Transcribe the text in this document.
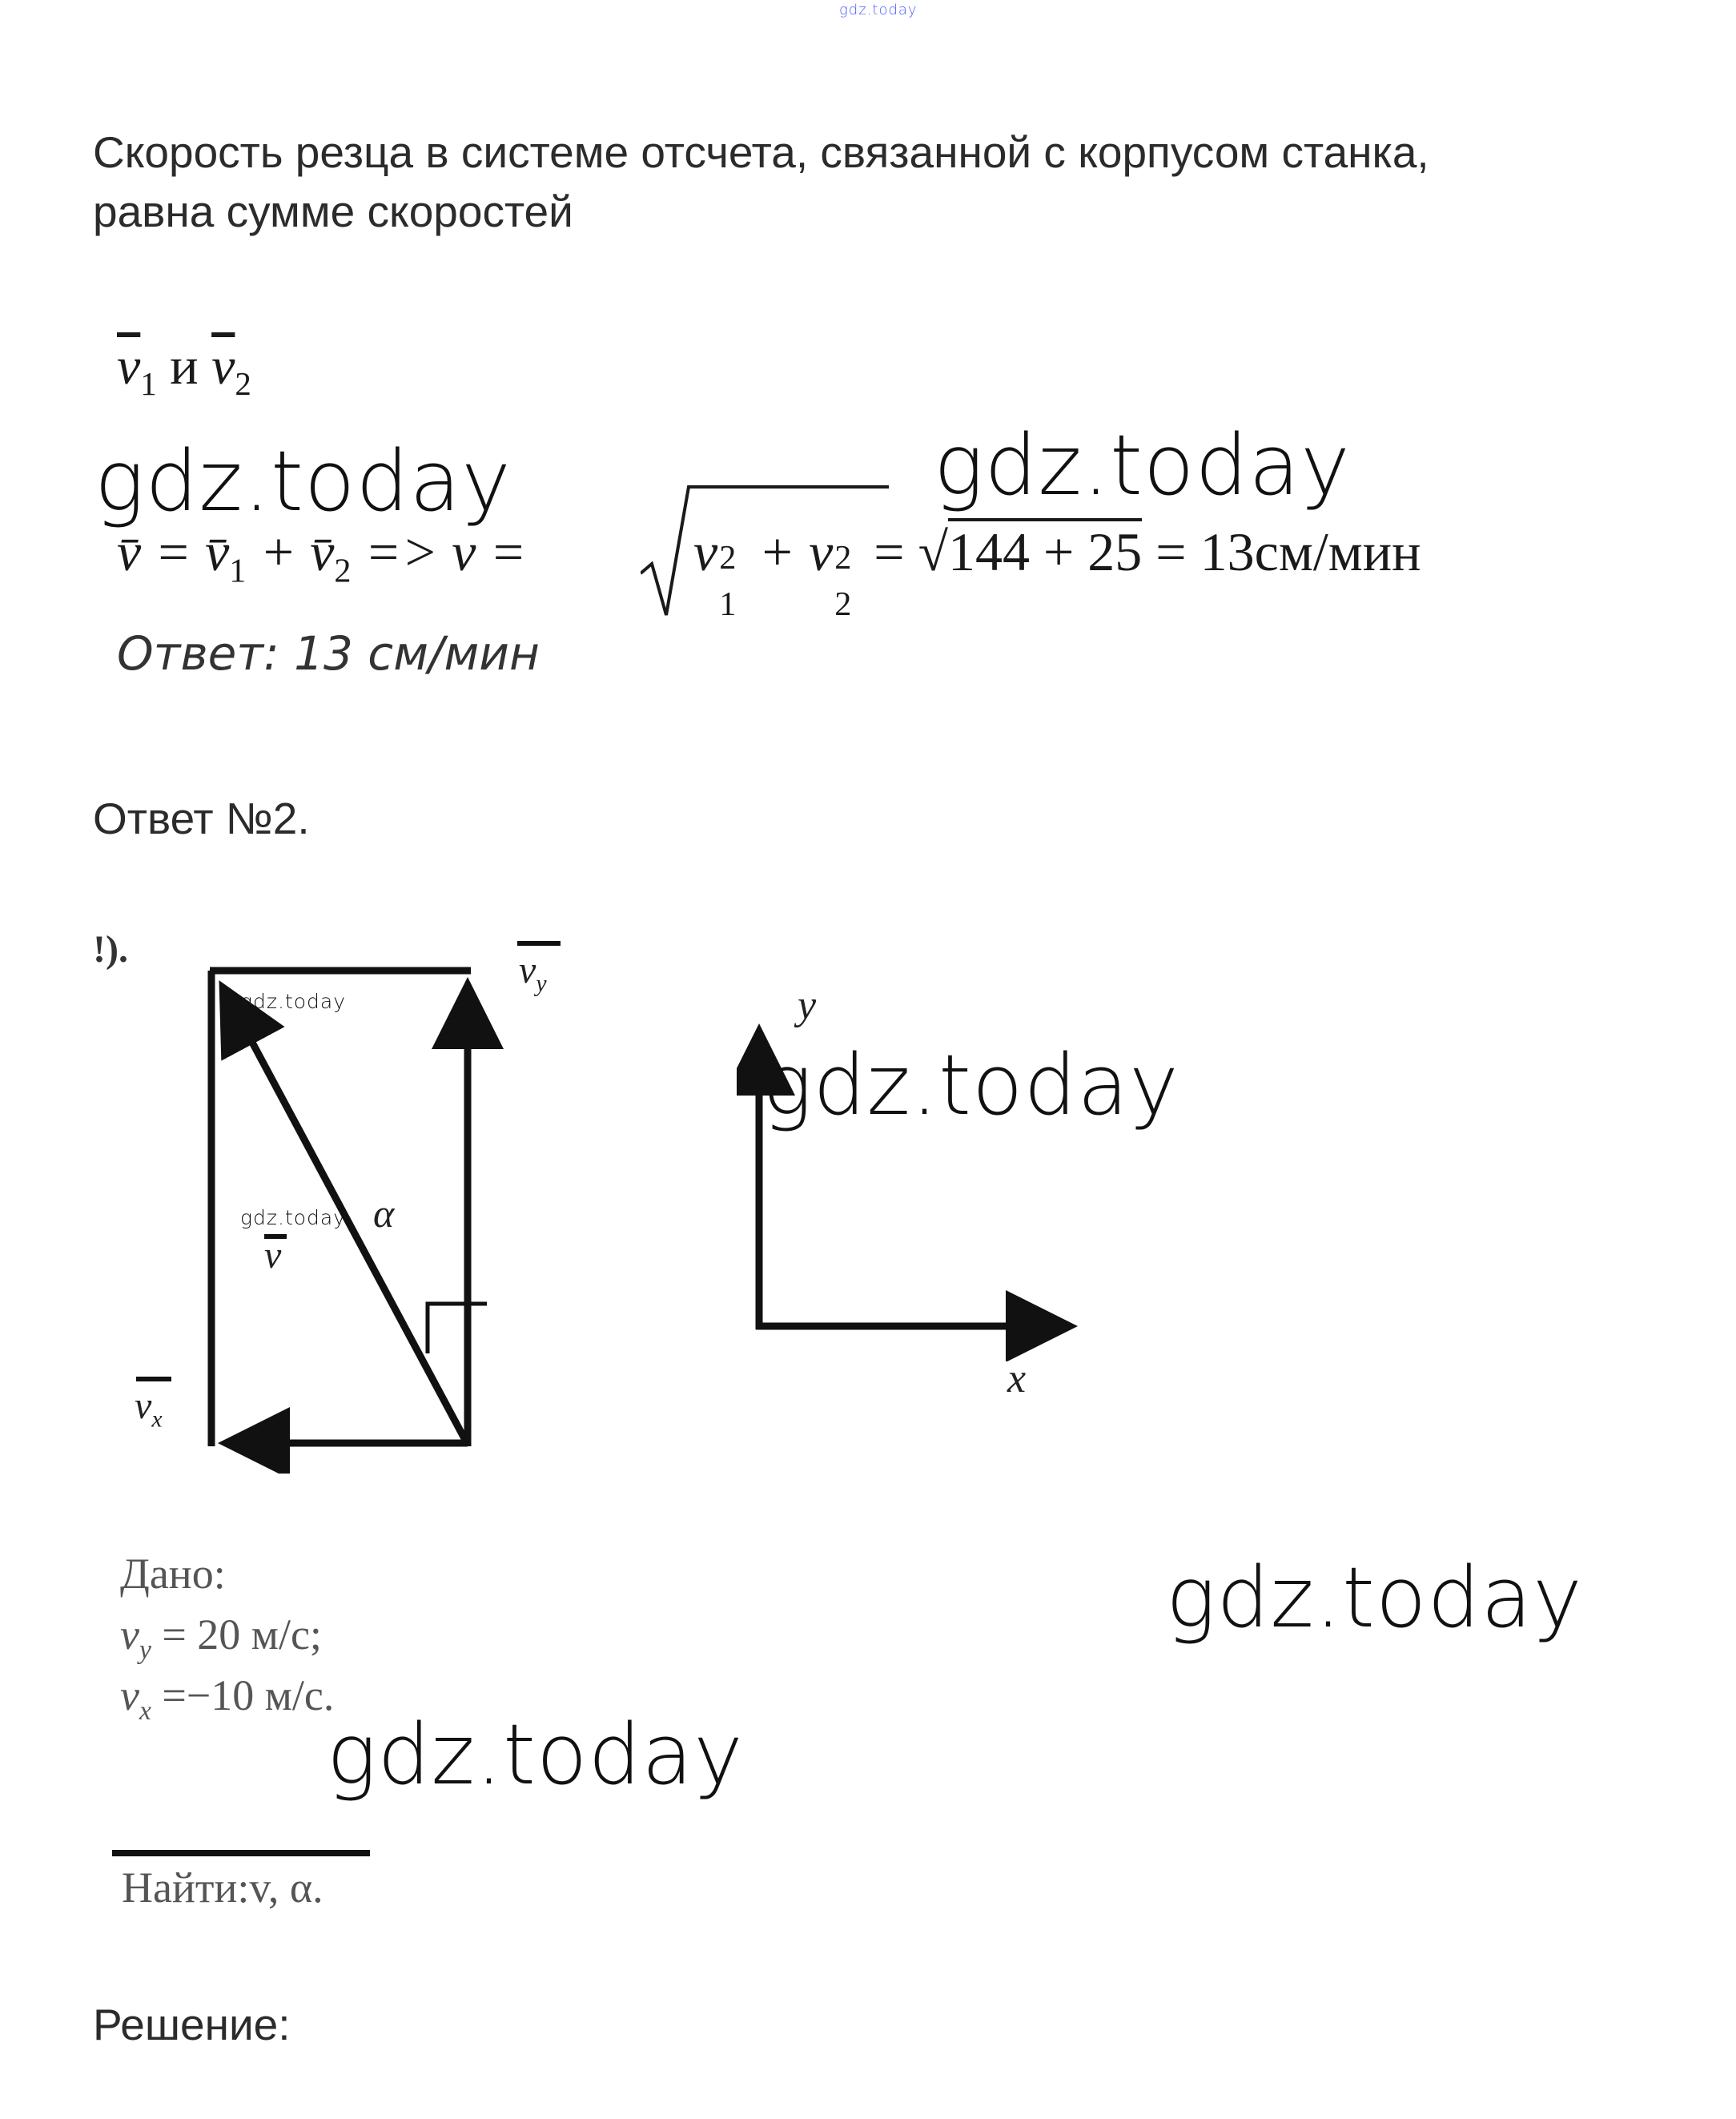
gdz.today
Скорость резца в системе отсчета, связанной с корпусом станка,
равна сумме скоростей
$\overline{v}_1$ и $\overline{v}_2$
gdz.today	gdz.today
v̄ = $v̄_1$ + $v̄_2 => v$ =	v 2
1
+ v 2
2
= √144 + 25 = 13см/мин
Ответ: 13 см/мин
Ответ №2.
!).	$v_y$
$v_x$
v
α
gdz.today
gdz.today
y
x
gdz.today
Дано:
$v_y = 20$ м/с;
$v_x =-10$ м/с.
gdz.today
gdz.today
Найти:v, α.
Решение:
